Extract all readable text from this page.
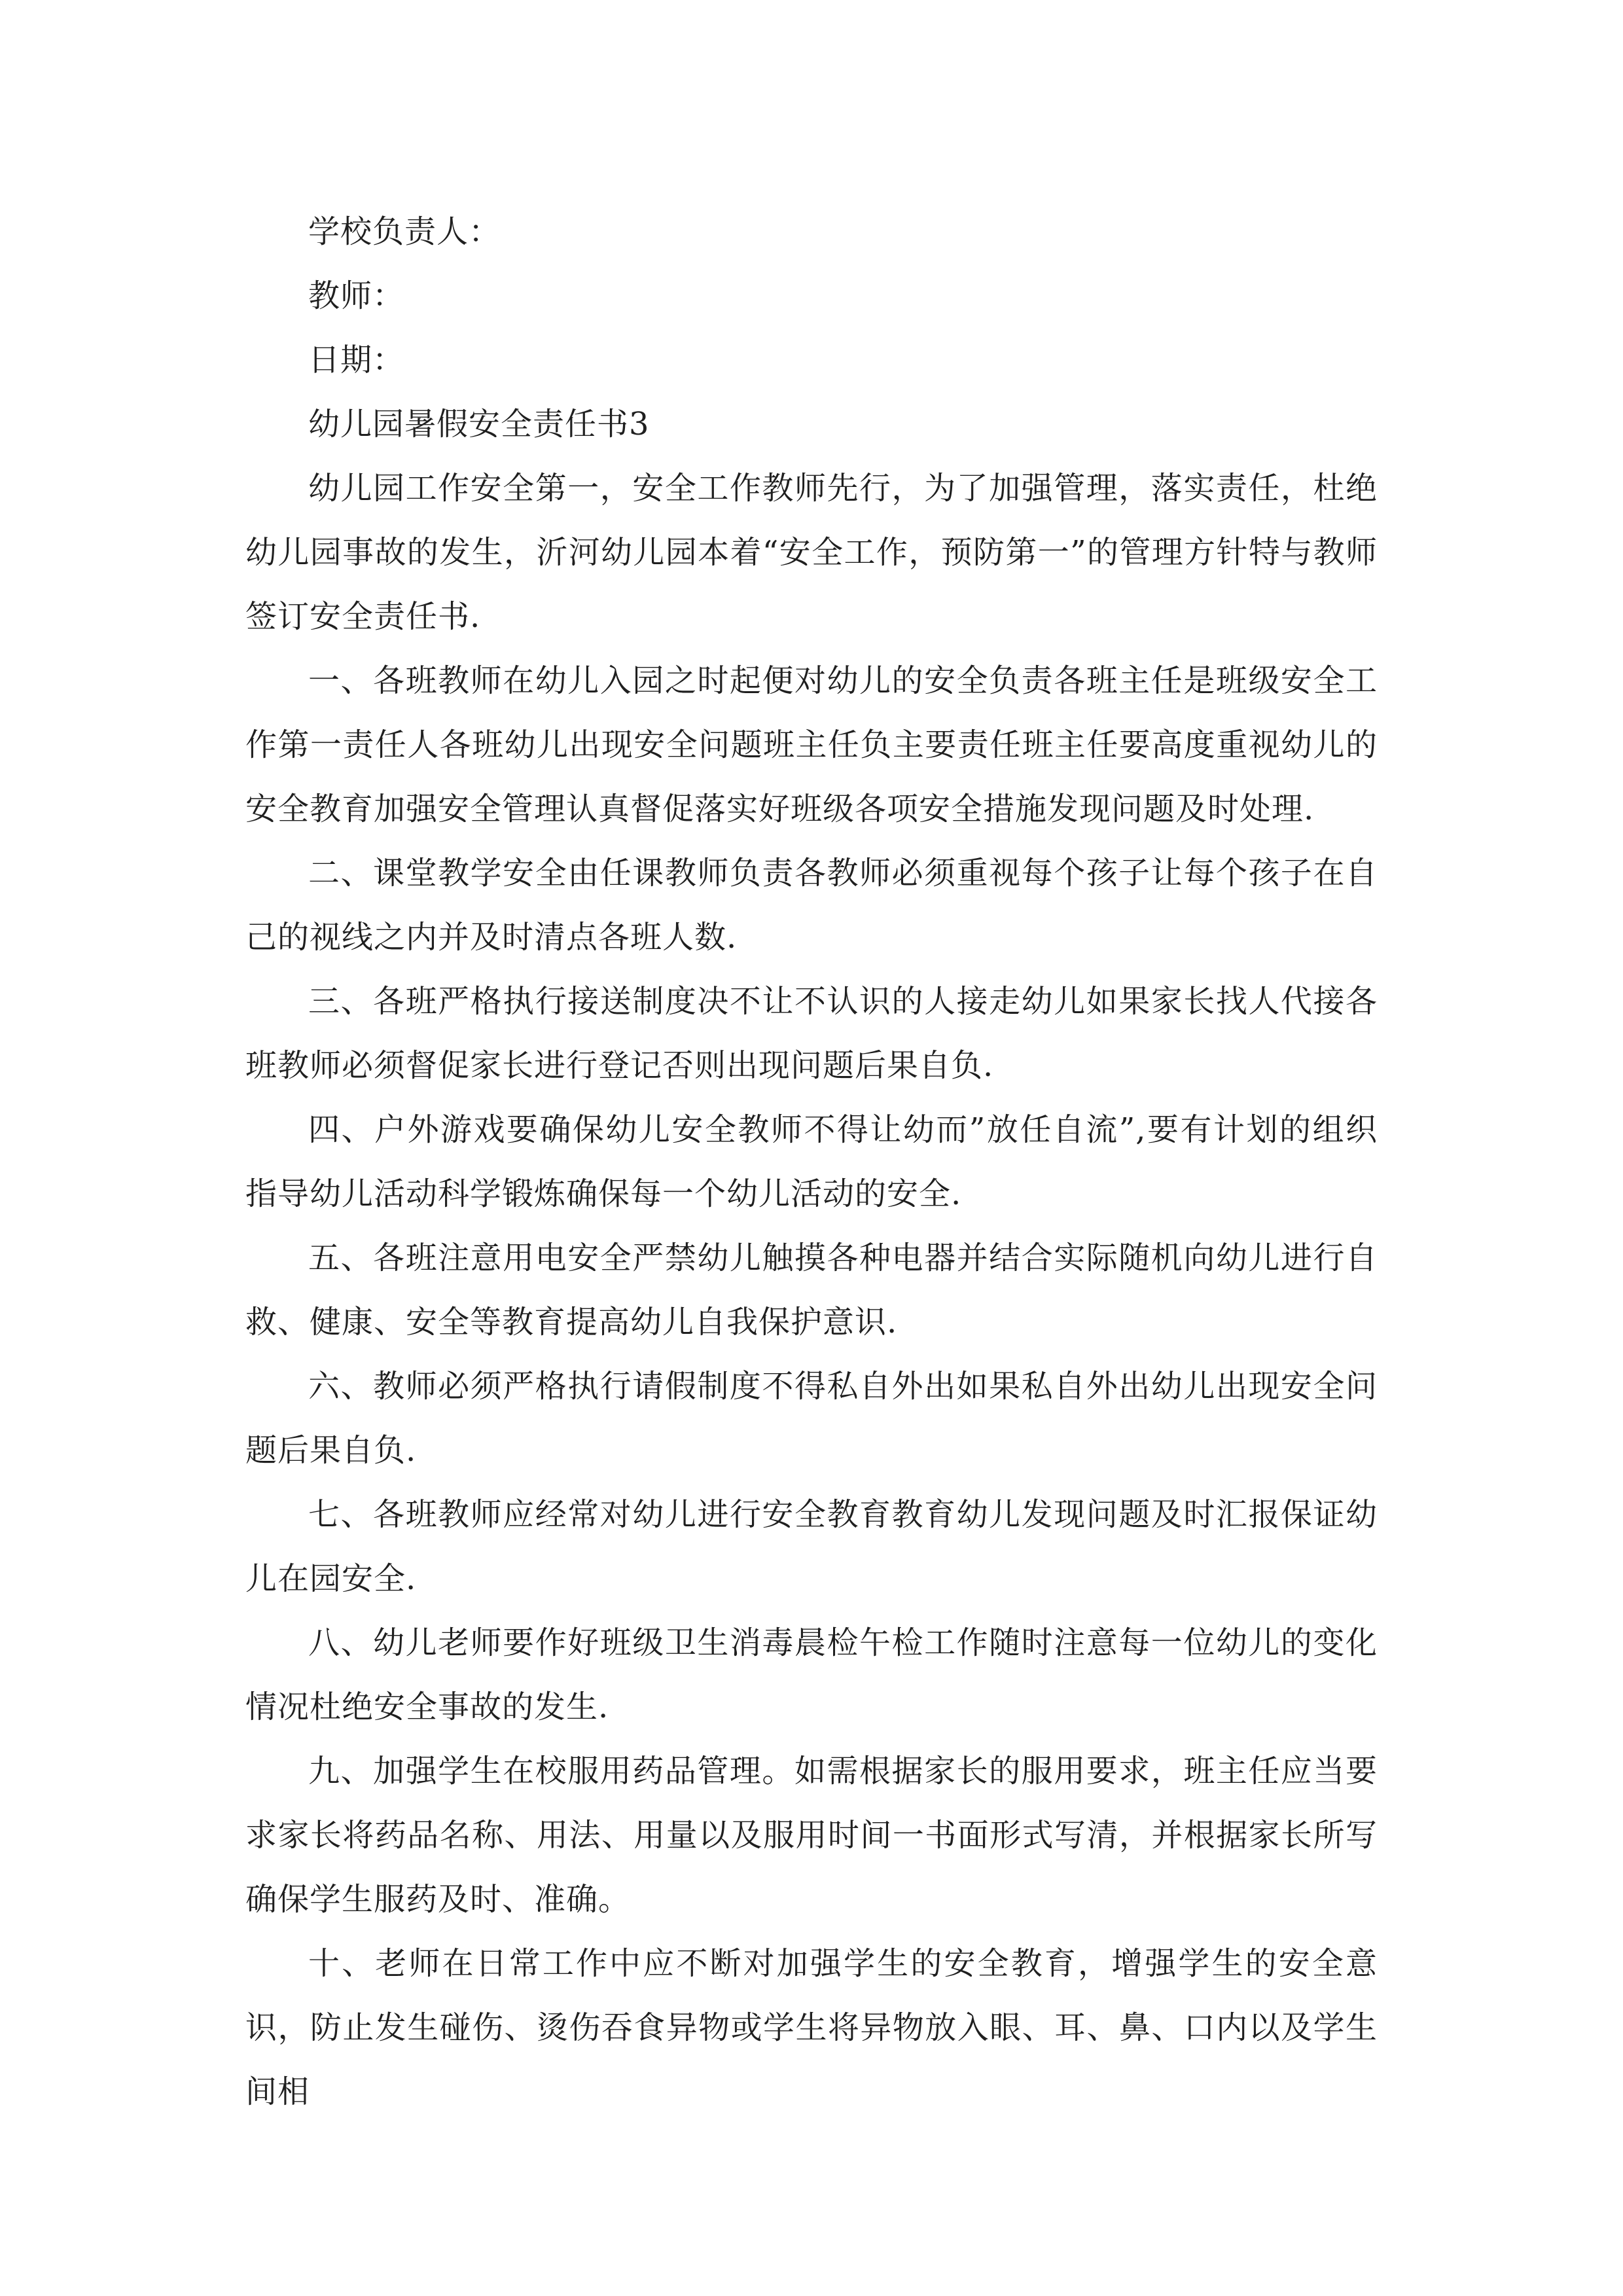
学校负责人：

教师：

日期：

幼儿园暑假安全责任书3

幼儿园工作安全第一，安全工作教师先行，为了加强管理，落实责任，杜绝幼儿园事故的发生，沂河幼儿园本着“安全工作，预防第一”的管理方针特与教师签订安全责任书.

一、各班教师在幼儿入园之时起便对幼儿的安全负责各班主任是班级安全工作第一责任人各班幼儿出现安全问题班主任负主要责任班主任要高度重视幼儿的安全教育加强安全管理认真督促落实好班级各项安全措施发现问题及时处理.

二、课堂教学安全由任课教师负责各教师必须重视每个孩子让每个孩子在自己的视线之内并及时清点各班人数.

三、各班严格执行接送制度决不让不认识的人接走幼儿如果家长找人代接各班教师必须督促家长进行登记否则出现问题后果自负.

四、户外游戏要确保幼儿安全教师不得让幼而”放任自流”,要有计划的组织指导幼儿活动科学锻炼确保每一个幼儿活动的安全.

五、各班注意用电安全严禁幼儿触摸各种电器并结合实际随机向幼儿进行自救、健康、安全等教育提高幼儿自我保护意识.

六、教师必须严格执行请假制度不得私自外出如果私自外出幼儿出现安全问题后果自负.

七、各班教师应经常对幼儿进行安全教育教育幼儿发现问题及时汇报保证幼儿在园安全.

八、幼儿老师要作好班级卫生消毒晨检午检工作随时注意每一位幼儿的变化情况杜绝安全事故的发生.

九、加强学生在校服用药品管理。如需根据家长的服用要求，班主任应当要求家长将药品名称、用法、用量以及服用时间一书面形式写清，并根据家长所写确保学生服药及时、准确。

十、老师在日常工作中应不断对加强学生的安全教育，增强学生的安全意识，防止发生碰伤、烫伤吞食异物或学生将异物放入眼、耳、鼻、口内以及学生间相
